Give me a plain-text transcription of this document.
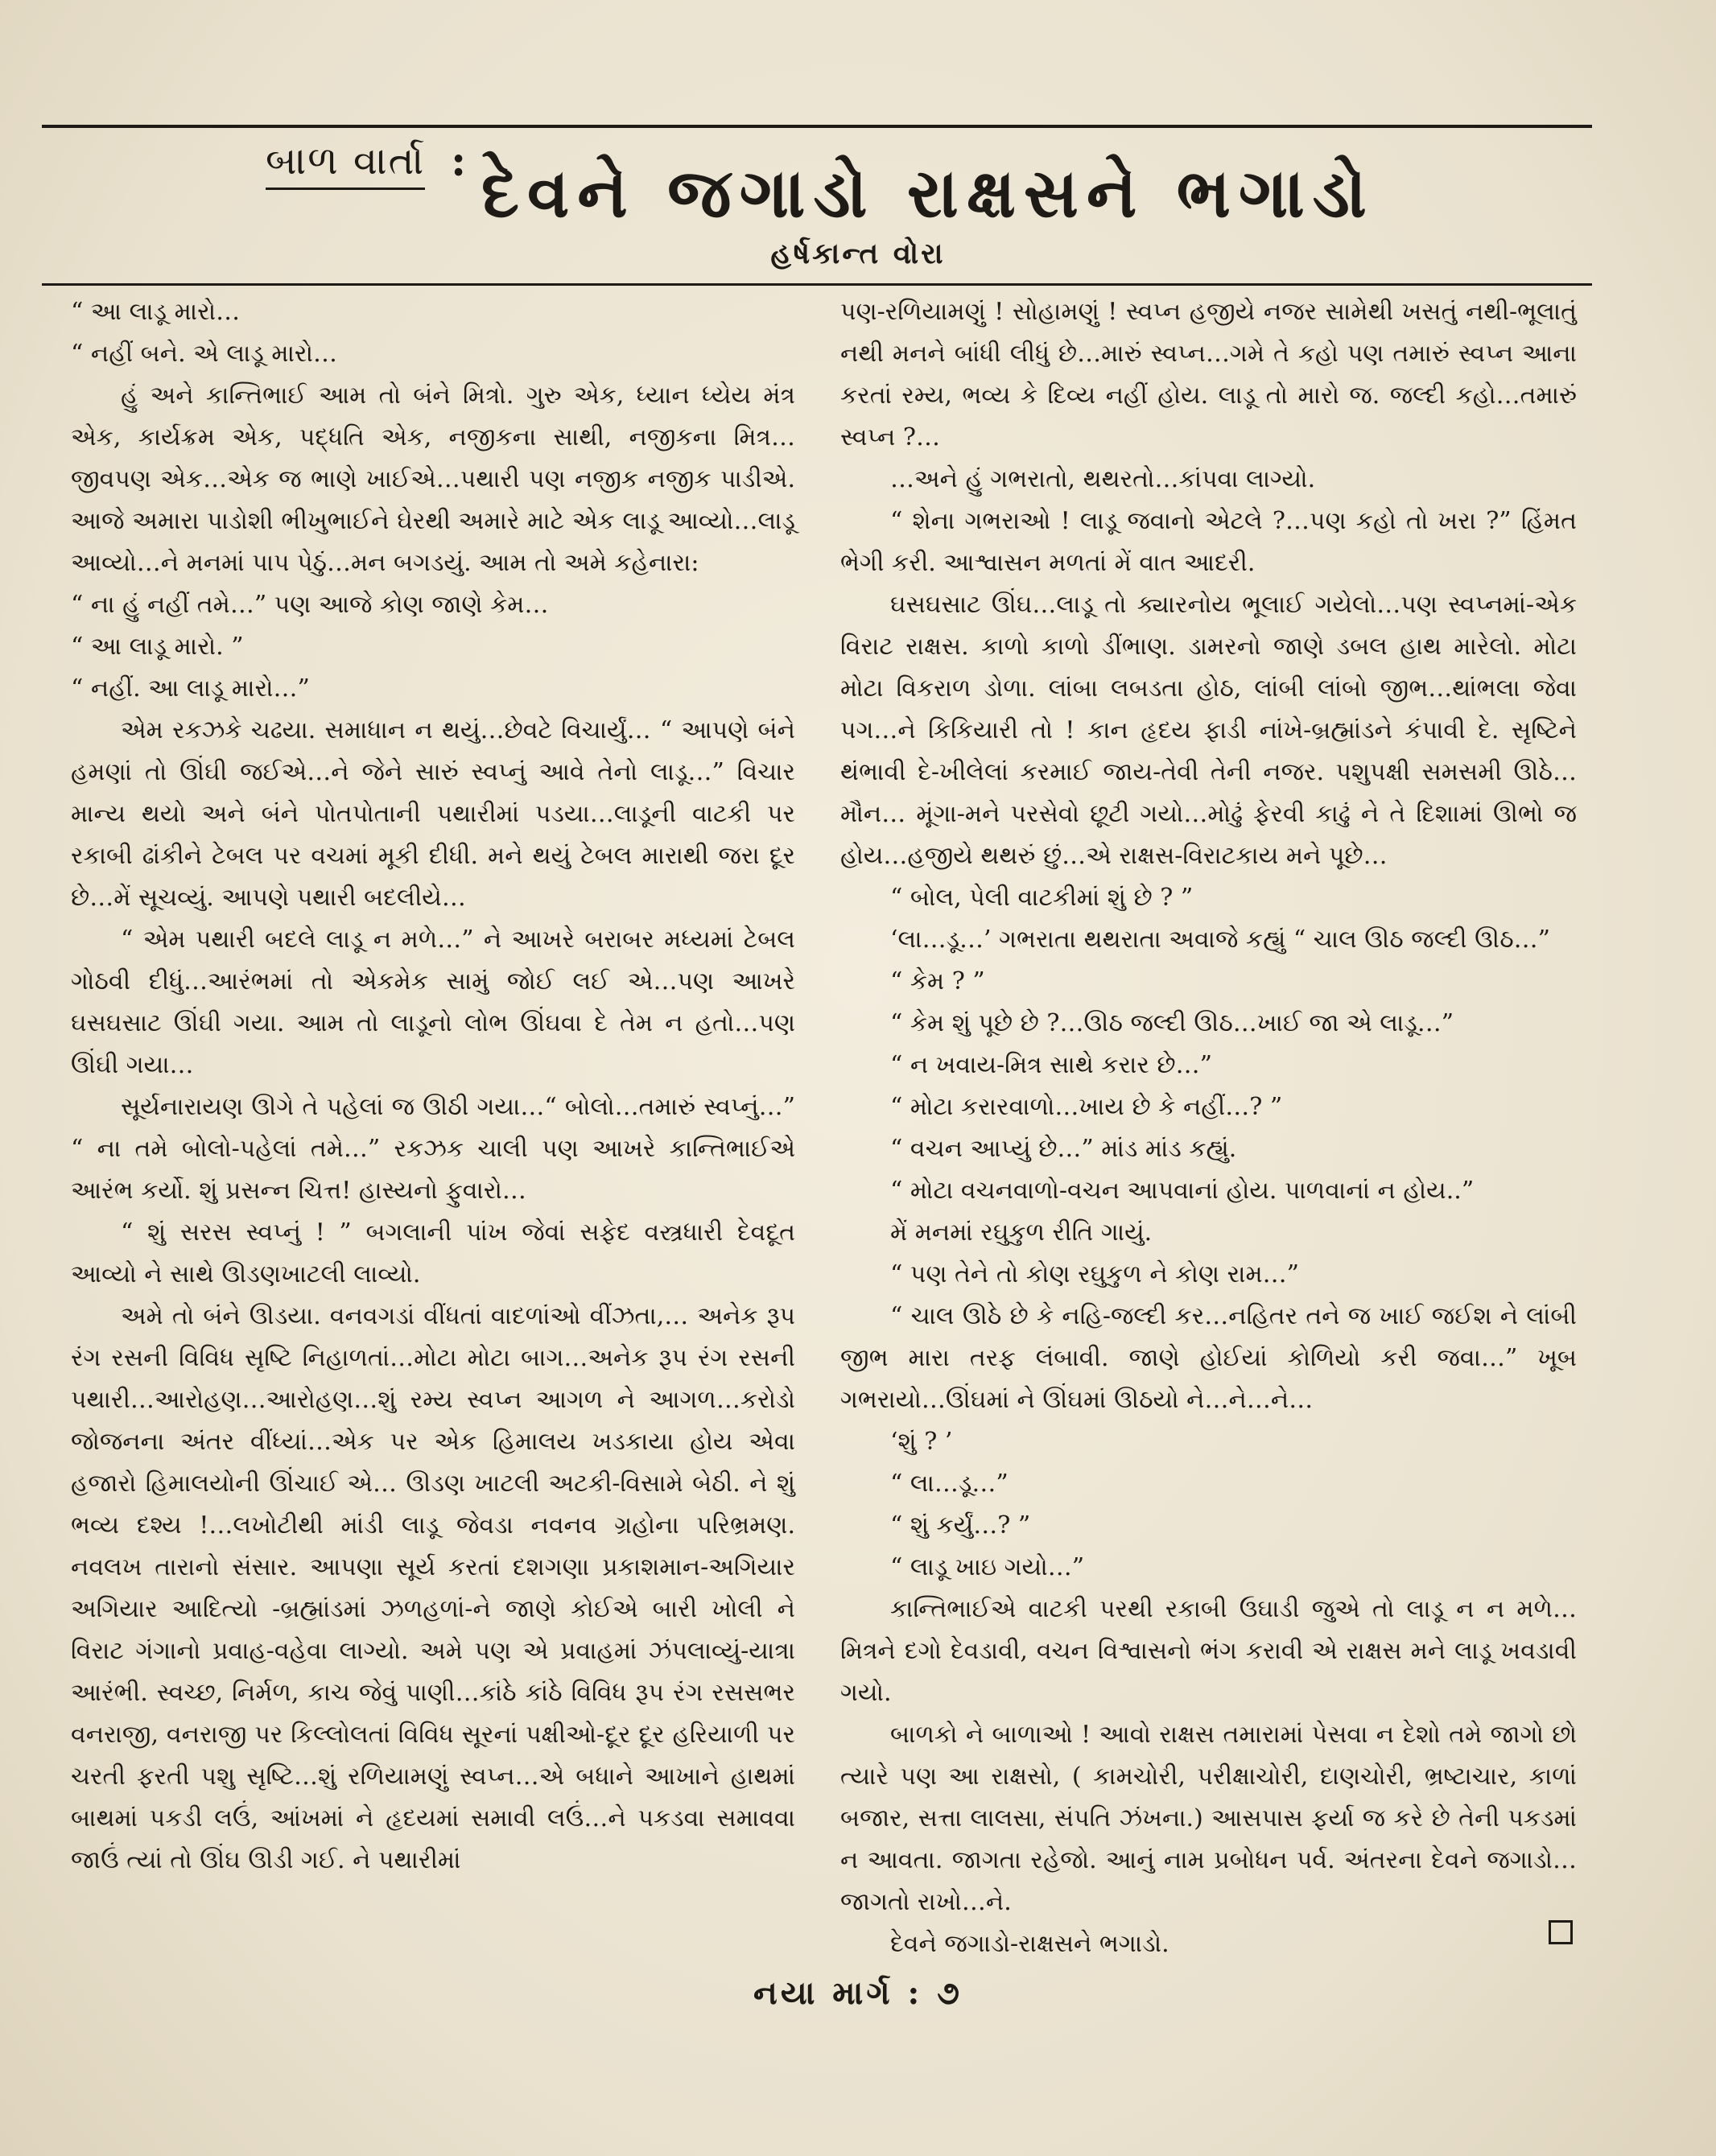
બાળ વાર્તા : દેવને જગાડો રાક્ષસને ભગાડો
હર્ષકાન્ત વોરા

“ આ લાડૂ મારો…

“ નહીં બને. એ લાડૂ મારો…

હું અને કાન્તિભાઈ આમ તો બંને મિત્રો. ગુરુ એક, ધ્યાન ધ્યેય મંત્ર એક, કાર્યક્રમ એક, પદ્ધતિ એક, નજીકના સાથી, નજીકના મિત્ર…જીવપણ એક…એક જ ભાણે ખાઈએ…પથારી પણ નજીક નજીક પાડીએ. આજે અમારા પાડોશી ભીખુભાઈને ઘેરથી અમારે માટે એક લાડૂ આવ્યો…લાડૂ આવ્યો…ને મનમાં પાપ પેઠું…મન બગડયું. આમ તો અમે કહેનારા:

“ ના હું નહીં તમે…” પણ આજે કોણ જાણે કેમ…

“ આ લાડૂ મારો. ”

“ નહીં. આ લાડૂ મારો…”

એમ રકઝકે ચઢયા. સમાધાન ન થયું…છેવટે વિચાર્યું… “ આપણે બંને હમણાં તો ઊંઘી જઈએ…ને જેને સારું સ્વપ્નું આવે તેનો લાડૂ…” વિચાર માન્ય થયો અને બંને પોતપોતાની પથારીમાં પડયા…લાડૂની વાટકી પર રકાબી ઢાંકીને ટેબલ પર વચમાં મૂકી દીધી. મને થયું ટેબલ મારાથી જરા દૂર છે…મેં સૂચવ્યું. આપણે પથારી બદલીયે…

“ એમ પથારી બદલે લાડૂ ન મળે…” ને આખરે બરાબર મધ્યમાં ટેબલ ગોઠવી દીધું…આરંભમાં તો એકમેક સામું જોઈ લઈ એ…પણ આખરે ઘસઘસાટ ઊંઘી ગયા. આમ તો લાડૂનો લોભ ઊંઘવા દે તેમ ન હતો…પણ ઊંઘી ગયા…

સૂર્યનારાયણ ઊગે તે પહેલાં જ ઊઠી ગયા…“ બોલો…તમારું સ્વપ્નું…” “ ના તમે બોલો-પહેલાં તમે…” રકઝક ચાલી પણ આખરે કાન્તિભાઈએ આરંભ કર્યો. શું પ્રસન્ન ચિત્ત! હાસ્યનો ફુવારો…

“ શું સરસ સ્વપ્નું ! ” બગલાની પાંખ જેવાં સફેદ વસ્ત્રધારી દેવદૂત આવ્યો ને સાથે ઊડણખાટલી લાવ્યો.

અમે તો બંને ઊડયા. વનવગડાં વીંધતાં વાદળાંઓ વીંઝતા,… અનેક રૂપ રંગ રસની વિવિધ સૃષ્ટિ નિહાળતાં…મોટા મોટા બાગ…અનેક રૂપ રંગ રસની પથારી…આરોહણ…આરોહણ…શું રમ્ય સ્વપ્ન આગળ ને આગળ…કરોડો જોજનના અંતર વીંધ્યાં…એક પર એક હિમાલય ખડકાયા હોય એવા હજારો હિમાલયોની ઊંચાઈ એ… ઊડણ ખાટલી અટકી-વિસામે બેઠી. ને શું ભવ્ય દશ્ય !…લખોટીથી માંડી લાડૂ જેવડા નવનવ ગ્રહોના પરિભ્રમણ. નવલખ તારાનો સંસાર. આપણા સૂર્ય કરતાં દશગણા પ્રકાશમાન-અગિયાર અગિયાર આદિત્યો -બ્રહ્માંડમાં ઝળહળાં-ને જાણે કોઈએ બારી ખોલી ને વિરાટ ગંગાનો પ્રવાહ-વહેવા લાગ્યો. અમે પણ એ પ્રવાહમાં ઝંપલાવ્યું-યાત્રા આરંભી. સ્વચ્છ, નિર્મળ, કાચ જેવું પાણી…કાંઠે કાંઠે વિવિધ રૂપ રંગ રસસભર વનરાજી, વનરાજી પર કિલ્લોલતાં વિવિધ સૂરનાં પક્ષીઓ-દૂર દૂર હરિયાળી પર ચરતી ફરતી પશુ સૃષ્ટિ…શું રળિયામણું સ્વપ્ન…એ બધાને આખાને હાથમાં બાથમાં પકડી લઉં, આંખમાં ને હૃદયમાં સમાવી લઉં…ને પકડવા સમાવવા જાઉં ત્યાં તો ઊંઘ ઊડી ગઈ. ને પથારીમાં

પણ-રળિયામણું ! સોહામણું ! સ્વપ્ન હજીયે નજર સામેથી ખસતું નથી-ભૂલાતું નથી મનને બાંધી લીધું છે…મારું સ્વપ્ન…ગમે તે કહો પણ તમારું સ્વપ્ન આના કરતાં રમ્ય, ભવ્ય કે દિવ્ય નહીં હોય. લાડૂ તો મારો જ. જલ્દી કહો…તમારું સ્વપ્ન ?…

…અને હું ગભરાતો, થથરતો…કાંપવા લાગ્યો.

“ શેના ગભરાઓ ! લાડૂ જવાનો એટલે ?…પણ કહો તો ખરા ?” હિંમત ભેગી કરી. આશ્વાસન મળતાં મેં વાત આદરી.

ઘસઘસાટ ઊંઘ…લાડૂ તો ક્યારનોય ભૂલાઈ ગયેલો…પણ સ્વપ્નમાં-એક વિરાટ રાક્ષસ. કાળો કાળો ડીંભાણ. ડામરનો જાણે ડબલ હાથ મારેલો. મોટા મોટા વિકરાળ ડોળા. લાંબા લબડતા હોઠ, લાંબી લાંબો જીભ…થાંભલા જેવા પગ…ને કિકિયારી તો ! કાન હૃદય ફાડી નાંખે-બ્રહ્માંડને કંપાવી દે. સૃષ્ટિને થંભાવી દે-ખીલેલાં કરમાઈ જાય-તેવી તેની નજર. પશુપક્ષી સમસમી ઊઠે…મૌન… મૂંગા-મને પરસેવો છૂટી ગયો…મોઢું ફેરવી કાઢું ને તે દિશામાં ઊભો જ હોય…હજીયે થથરું છું…એ રાક્ષસ-વિરાટકાય મને પૂછે…

“ બોલ, પેલી વાટકીમાં શું છે ? ”

‘લા…ડૂ…’ ગભરાતા થથરાતા અવાજે કહ્યું “ ચાલ ઊઠ જલ્દી ઊઠ…”

“ કેમ ? ”

“ કેમ શું પૂછે છે ?…ઊઠ જલ્દી ઊઠ…ખાઈ જા એ લાડૂ…”

“ ન ખવાય-મિત્ર સાથે કરાર છે…”

“ મોટા કરારવાળો…ખાય છે કે નહીં…? ”

“ વચન આપ્યું છે…” માંડ માંડ કહ્યું.

“ મોટા વચનવાળો-વચન આપવાનાં હોય. પાળવાનાં ન હોય..”

મેં મનમાં રઘુકુળ રીતિ ગાયું.

“ પણ તેને તો કોણ રઘુકુળ ને કોણ રામ…”

“ ચાલ ઊઠે છે કે નહિ-જલ્દી કર…નહિતર તને જ ખાઈ જઈશ ને લાંબી જીભ મારા તરફ લંબાવી. જાણે હોઈયાં કોળિયો કરી જવા…” ખૂબ ગભરાયો…ઊંઘમાં ને ઊંઘમાં ઊઠયો ને…ને…ને…

‘શું ? ’

“ લા…ડૂ…”

“ શું કર્યું…? ”

“ લાડૂ ખાઇ ગયો…”

કાન્તિભાઈએ વાટકી પરથી રકાબી ઉઘાડી જુએ તો લાડૂ ન ન મળે…મિત્રને દગો દેવડાવી, વચન વિશ્વાસનો ભંગ કરાવી એ રાક્ષસ મને લાડૂ ખવડાવી ગયો.

બાળકો ને બાળાઓ ! આવો રાક્ષસ તમારામાં પેસવા ન દેશો તમે જાગો છો ત્યારે પણ આ રાક્ષસો, ( કામચોરી, પરીક્ષાચોરી, દાણચોરી, ભ્રષ્ટાચાર, કાળાં બજાર, સત્તા લાલસા, સંપતિ ઝંખના.) આસપાસ ફર્યા જ કરે છે તેની પકડમાં ન આવતા. જાગતા રહેજો. આનું નામ પ્રબોધન પર્વ. અંતરના દેવને જગાડો…જાગતો રાખો…ને.

દેવને જગાડો-રાક્ષસને ભગાડો.

નયા માર્ગ : ૭
